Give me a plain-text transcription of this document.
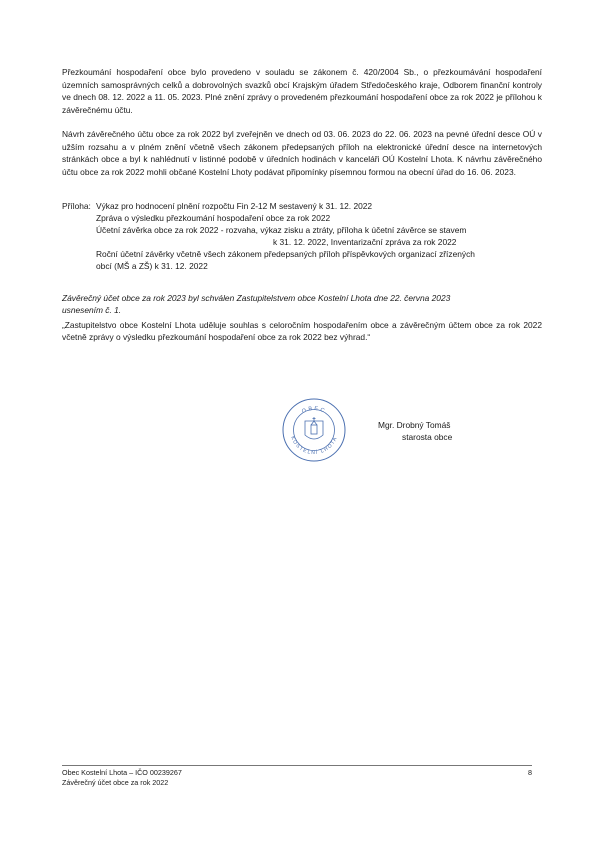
Přezkoumání hospodaření obce bylo provedeno v souladu se zákonem č. 420/2004 Sb., o přezkoumávání hospodaření územních samosprávných celků a dobrovolných svazků obcí Krajským úřadem Středočeského kraje, Odborem finanční kontroly ve dnech 08. 12. 2022 a 11. 05. 2023. Plné znění zprávy o provedeném přezkoumání hospodaření obce za rok 2022 je přílohou k závěrečnému účtu.

Návrh závěrečného účtu obce za rok 2022 byl zveřejněn ve dnech od 03. 06. 2023 do 22. 06. 2023 na pevné úřední desce OÚ v užším rozsahu a v plném znění včetně všech zákonem předepsaných příloh na elektronické úřední desce na internetových stránkách obce a byl k nahlédnutí v listinné podobě v úředních hodinách v kanceláři OÚ Kostelní Lhota. K návrhu závěrečného účtu obce za rok 2022 mohli občané Kostelní Lhoty podávat připomínky písemnou formou na obecní úřad do 16. 06. 2023.

Příloha: Výkaz pro hodnocení plnění rozpočtu Fin 2-12 M sestavený k 31. 12. 2022
Zpráva o výsledku přezkoumání hospodaření obce za rok 2022
Účetní závěrka obce za rok 2022 - rozvaha, výkaz zisku a ztráty, příloha k účetní závěrce se stavem
k 31. 12. 2022, Inventarizační zpráva za rok 2022
Roční účetní závěrky včetně všech zákonem předepsaných příloh příspěvkových organizací zřízených
obcí (MŠ a ZŠ) k 31. 12. 2022
Závěrečný účet obce za rok 2023 byl schválen Zastupitelstvem obce Kostelní Lhota dne 22. června 2023
usnesením č. 1.

„Zastupitelstvo obce Kostelní Lhota uděluje souhlas s celoročním hospodařením obce a závěrečným účtem obce za rok 2022 včetně zprávy o výsledku přezkoumání hospodaření obce za rok 2022 bez výhrad.“

OBEC
KOSTELNÍ LHOTA
Mgr. Drobný Tomáš
starosta obce
Obec Kostelní Lhota – IČO 00239267
Závěrečný účet obce za rok 2022
8
